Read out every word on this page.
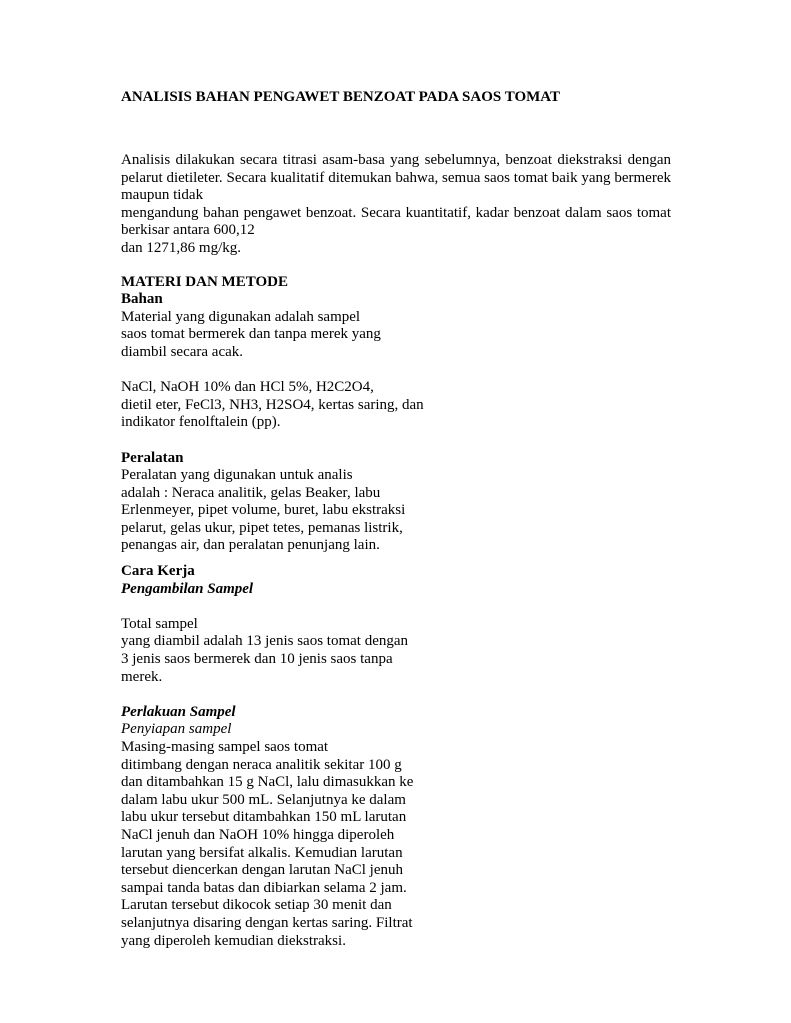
ANALISIS BAHAN PENGAWET BENZOAT PADA SAOS TOMAT
Analisis dilakukan secara titrasi asam-basa yang sebelumnya, benzoat diekstraksi dengan
pelarut dietileter. Secara kualitatif ditemukan bahwa, semua saos tomat baik yang bermerek
maupun tidak
mengandung bahan pengawet benzoat. Secara kuantitatif, kadar benzoat dalam saos tomat
berkisar antara 600,12
dan 1271,86 mg/kg.
MATERI DAN METODE
Bahan
Material yang digunakan adalah sampel
saos tomat bermerek dan tanpa merek yang
diambil secara acak.
NaCl, NaOH 10% dan HCl 5%, H2C2O4,
dietil eter, FeCl3, NH3, H2SO4, kertas saring, dan
indikator fenolftalein (pp).
Peralatan
Peralatan yang digunakan untuk analis
adalah : Neraca analitik, gelas Beaker, labu
Erlenmeyer, pipet volume, buret, labu ekstraksi
pelarut, gelas ukur, pipet tetes, pemanas listrik,
penangas air, dan peralatan penunjang lain.
Cara Kerja
Pengambilan Sampel
Total sampel
yang diambil adalah 13 jenis saos tomat dengan
3 jenis saos bermerek dan 10 jenis saos tanpa
merek.
Perlakuan Sampel
Penyiapan sampel
Masing-masing sampel saos tomat
ditimbang dengan neraca analitik sekitar 100 g
dan ditambahkan 15 g NaCl, lalu dimasukkan ke
dalam labu ukur 500 mL. Selanjutnya ke dalam
labu ukur tersebut ditambahkan 150 mL larutan
NaCl jenuh dan NaOH 10% hingga diperoleh
larutan yang bersifat alkalis. Kemudian larutan
tersebut diencerkan dengan larutan NaCl jenuh
sampai tanda batas dan dibiarkan selama 2 jam.
Larutan tersebut dikocok setiap 30 menit dan
selanjutnya disaring dengan kertas saring. Filtrat
yang diperoleh kemudian diekstraksi.
